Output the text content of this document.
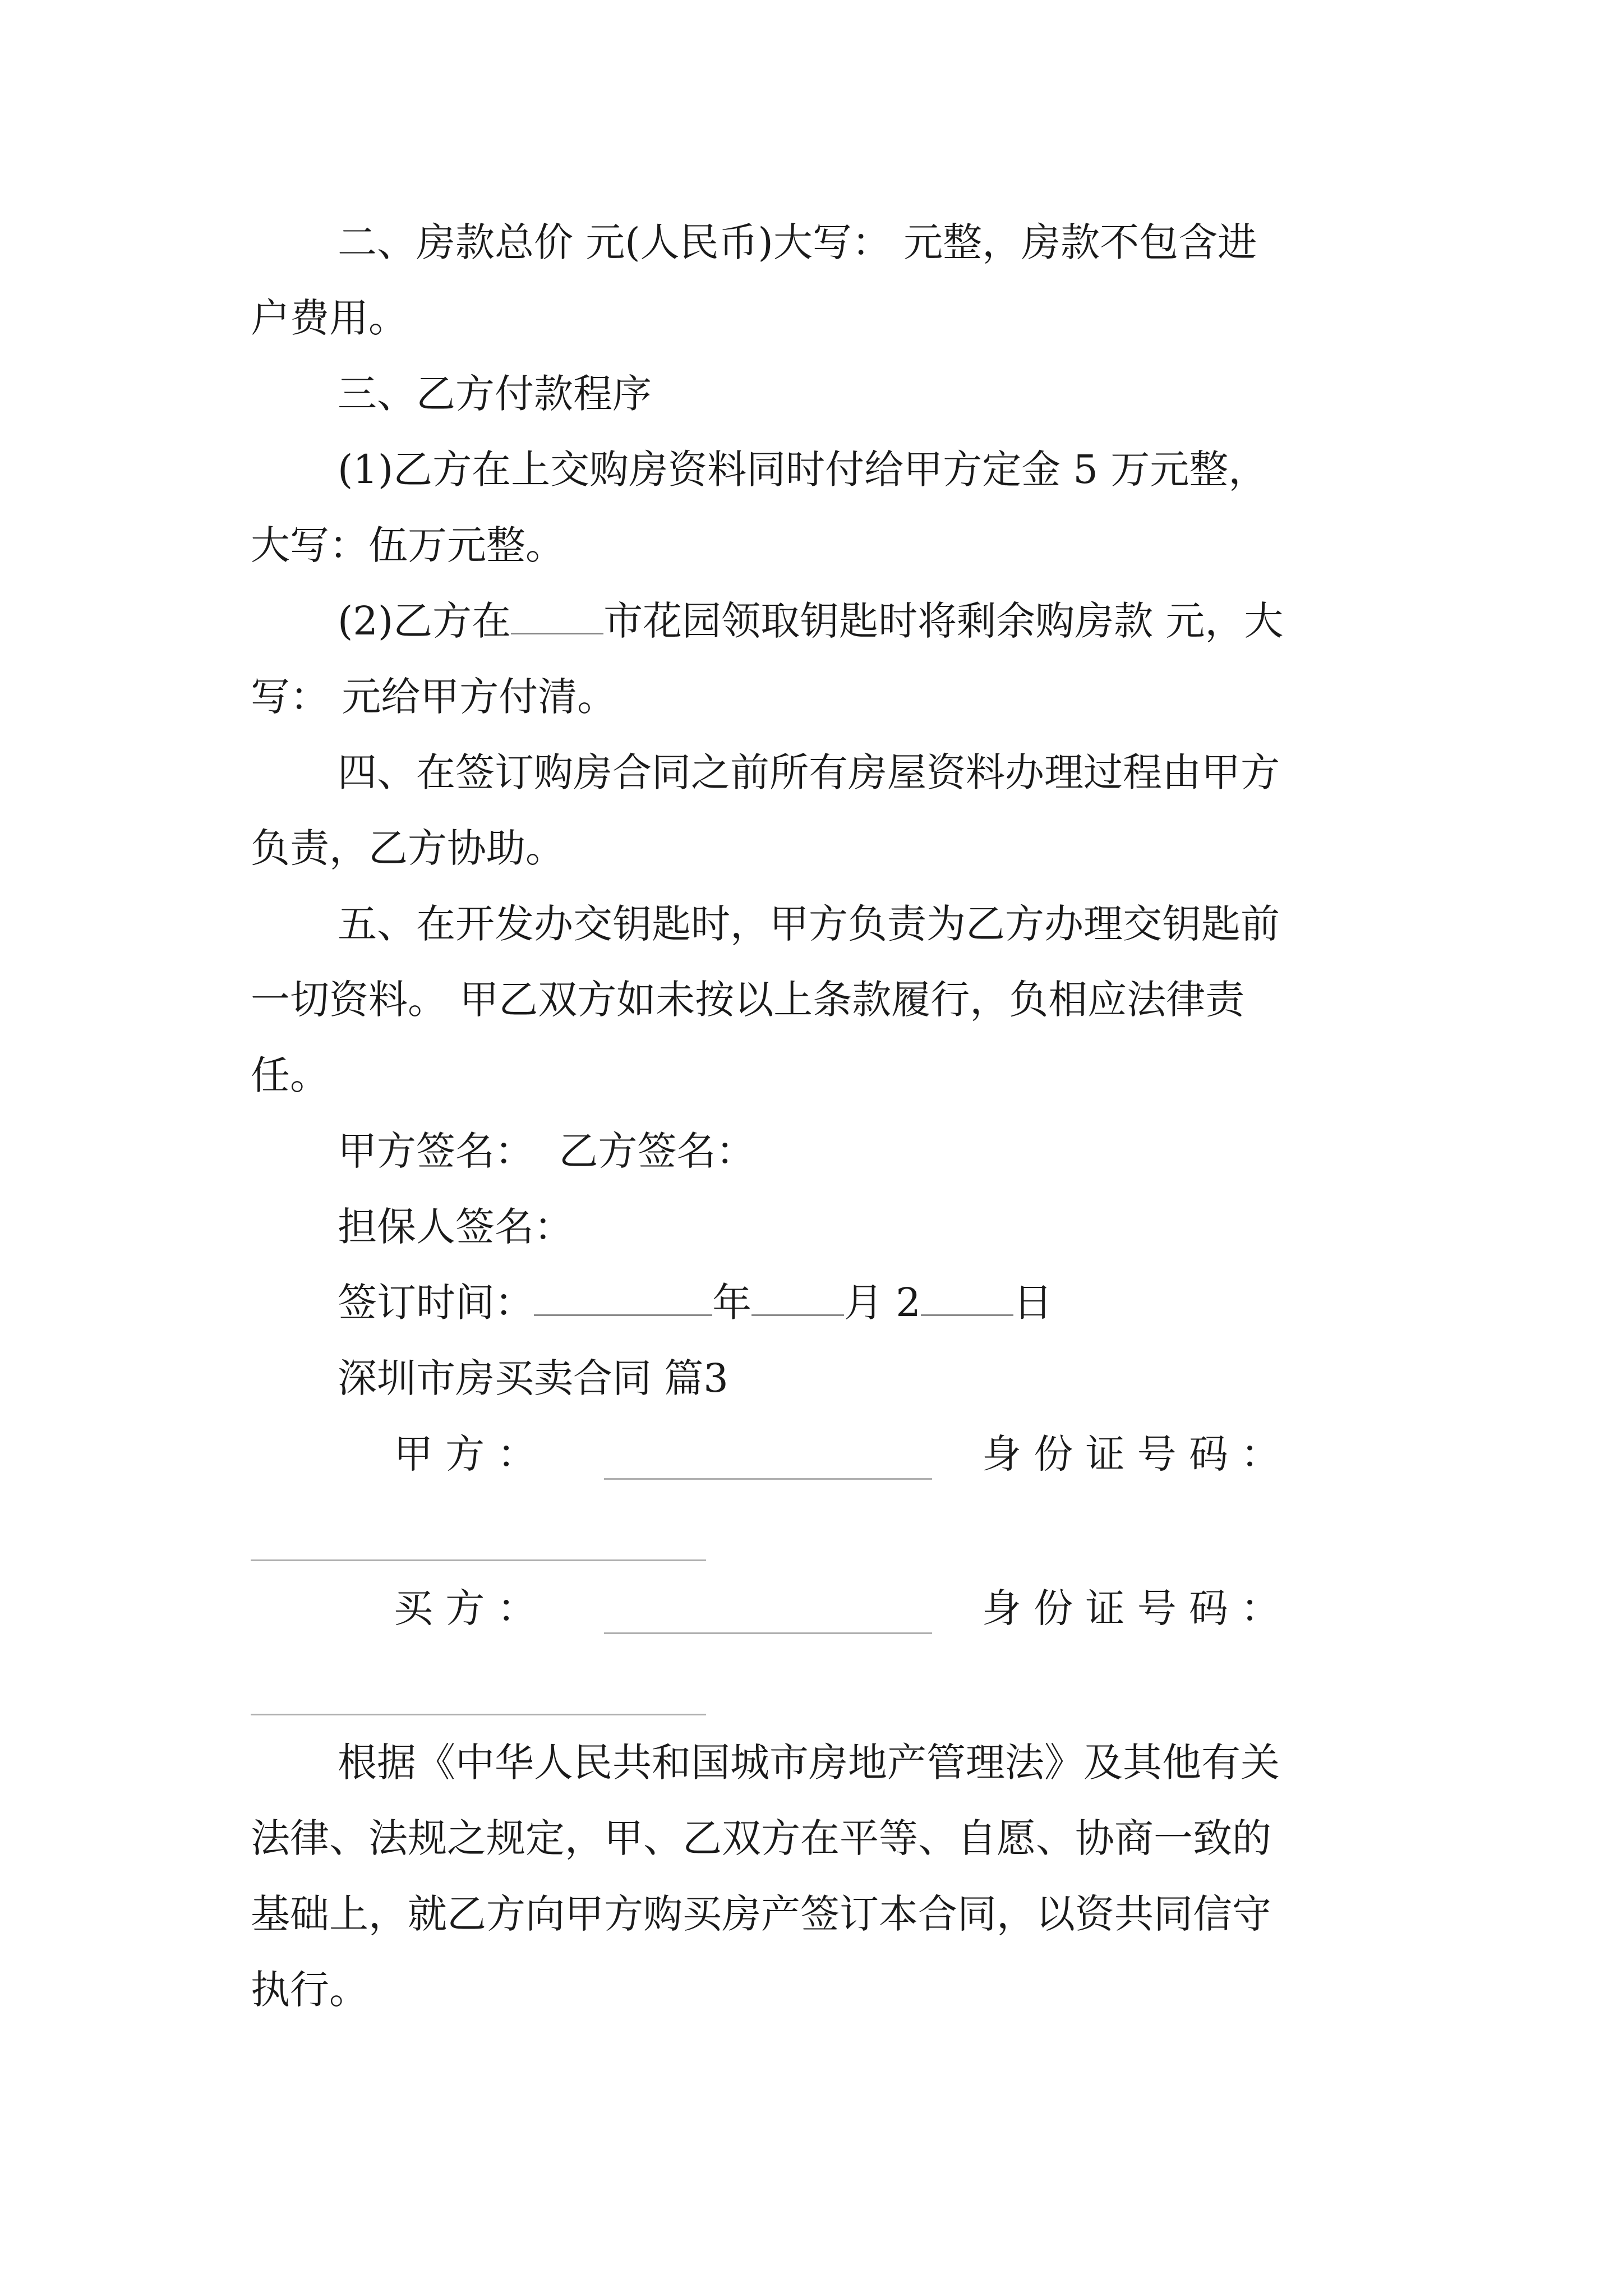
二、房款总价 元(人民币)大写： 元整，房款不包含进

户费用。

三、乙方付款程序

(1)乙方在上交购房资料同时付给甲方定金 5 万元整，

大写：伍万元整。

(2)乙方在 市花园领取钥匙时将剩余购房款 元，大

写： 元给甲方付清。

四、在签订购房合同之前所有房屋资料办理过程由甲方

负责，乙方协助。

五、在开发办交钥匙时，甲方负责为乙方办理交钥匙前

一切资料。 甲乙双方如未按以上条款履行，负相应法律责

任。

甲方签名：  乙方签名：

担保人签名：

签订时间：	年 月 2 日

深圳市房买卖合同 篇3

甲 方 ：	身 份 证 号 码 ：
买 方 ：	身 份 证 号 码 ：

根据《中华人民共和国城市房地产管理法》及其他有关

法律、法规之规定，甲、乙双方在平等、自愿、协商一致的

基础上，就乙方向甲方购买房产签订本合同，以资共同信守

执行。
